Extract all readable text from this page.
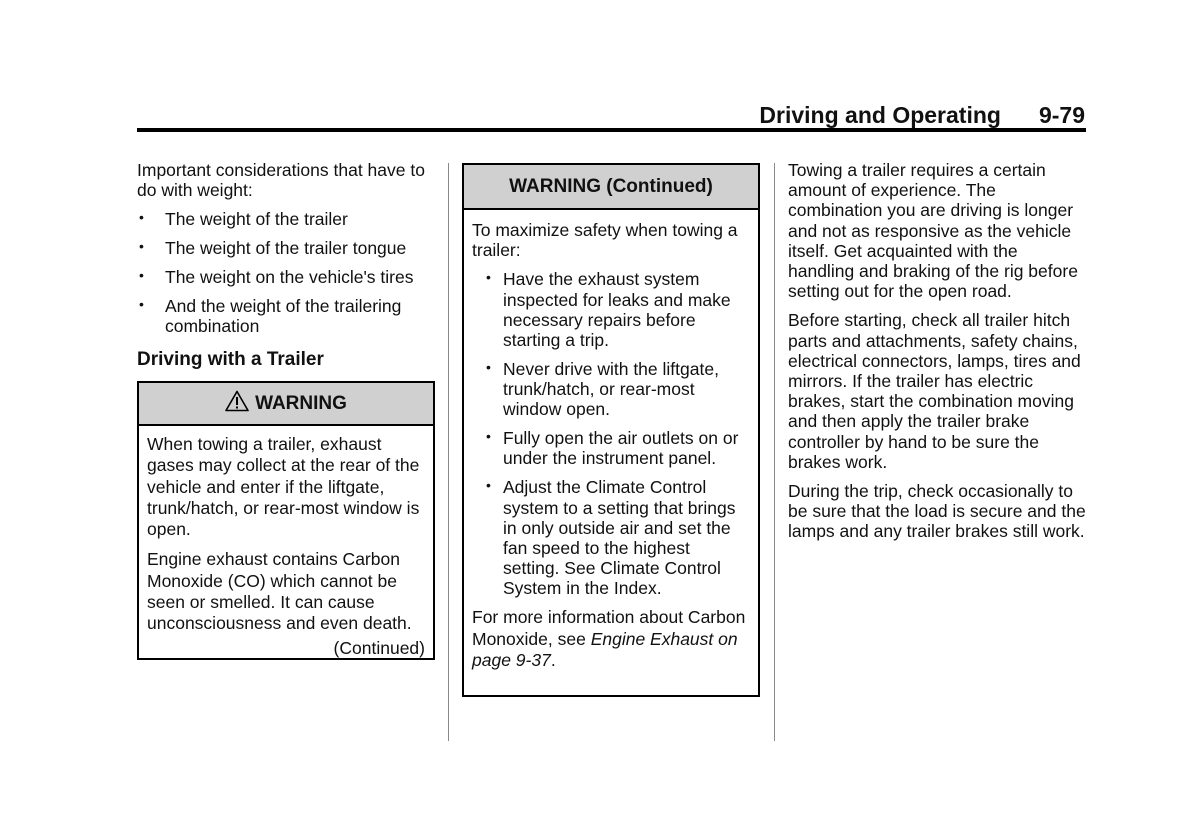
Driving and Operating 9-79

Important considerations that have to do with weight:

• The weight of the trailer
• The weight of the trailer tongue
• The weight on the vehicle's tires
• And the weight of the trailering combination
Driving with a Trailer
WARNING

When towing a trailer, exhaust gases may collect at the rear of the vehicle and enter if the liftgate, trunk/hatch, or rear-most window is open.

Engine exhaust contains Carbon Monoxide (CO) which cannot be seen or smelled. It can cause unconsciousness and even death.

(Continued)
WARNING (Continued)

To maximize safety when towing a trailer:

• Have the exhaust system inspected for leaks and make necessary repairs before starting a trip.
• Never drive with the liftgate, trunk/hatch, or rear-most window open.
• Fully open the air outlets on or under the instrument panel.
• Adjust the Climate Control system to a setting that brings in only outside air and set the fan speed to the highest setting. See Climate Control System in the Index.

For more information about Carbon Monoxide, see Engine Exhaust on page 9-37.

Towing a trailer requires a certain amount of experience. The combination you are driving is longer and not as responsive as the vehicle itself. Get acquainted with the handling and braking of the rig before setting out for the open road.

Before starting, check all trailer hitch parts and attachments, safety chains, electrical connectors, lamps, tires and mirrors. If the trailer has electric brakes, start the combination moving and then apply the trailer brake controller by hand to be sure the brakes work.

During the trip, check occasionally to be sure that the load is secure and the lamps and any trailer brakes still work.
